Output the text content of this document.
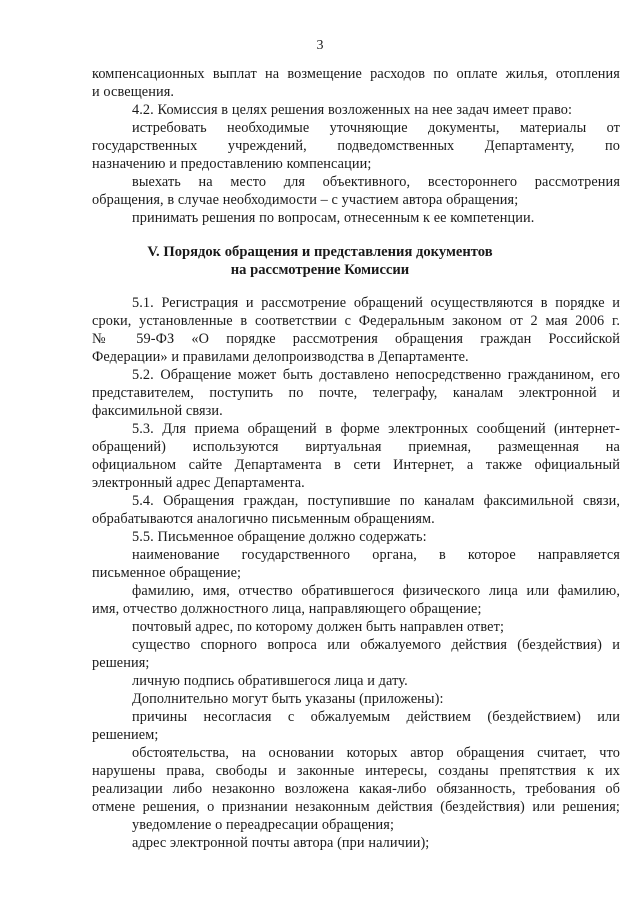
3
компенсационных выплат на возмещение расходов по оплате жилья, отопления
и освещения.
4.2. Комиссия в целях решения возложенных на нее задач имеет право:
истребовать необходимые уточняющие документы, материалы от
государственных учреждений, подведомственных Департаменту, по
назначению и предоставлению компенсации;
выехать на место для объективного, всестороннего рассмотрения
обращения, в случае необходимости – с участием автора обращения;
принимать решения по вопросам, отнесенным к ее компетенции.
V. Порядок обращения и представления документов
на рассмотрение Комиссии
5.1. Регистрация и рассмотрение обращений осуществляются в порядке и
сроки, установленные в соответствии с Федеральным законом от 2 мая 2006 г.
№ 59-ФЗ «О порядке рассмотрения обращения граждан Российской
Федерации» и правилами делопроизводства в Департаменте.
5.2. Обращение может быть доставлено непосредственно гражданином, его
представителем, поступить по почте, телеграфу, каналам электронной и
факсимильной связи.
5.3. Для приема обращений в форме электронных сообщений (интернет-
обращений) используются виртуальная приемная, размещенная на
официальном сайте Департамента в сети Интернет, а также официальный
электронный адрес Департамента.
5.4. Обращения граждан, поступившие по каналам факсимильной связи,
обрабатываются аналогично письменным обращениям.
5.5. Письменное обращение должно содержать:
наименование государственного органа, в которое направляется
письменное обращение;
фамилию, имя, отчество обратившегося физического лица или фамилию,
имя, отчество должностного лица, направляющего обращение;
почтовый адрес, по которому должен быть направлен ответ;
существо спорного вопроса или обжалуемого действия (бездействия) и
решения;
личную подпись обратившегося лица и дату.
Дополнительно могут быть указаны (приложены):
причины несогласия с обжалуемым действием (бездействием) или
решением;
обстоятельства, на основании которых автор обращения считает, что
нарушены права, свободы и законные интересы, созданы препятствия к их
реализации либо незаконно возложена какая-либо обязанность, требования об
отмене решения, о признании незаконным действия (бездействия) или решения;
уведомление о переадресации обращения;
адрес электронной почты автора (при наличии);
